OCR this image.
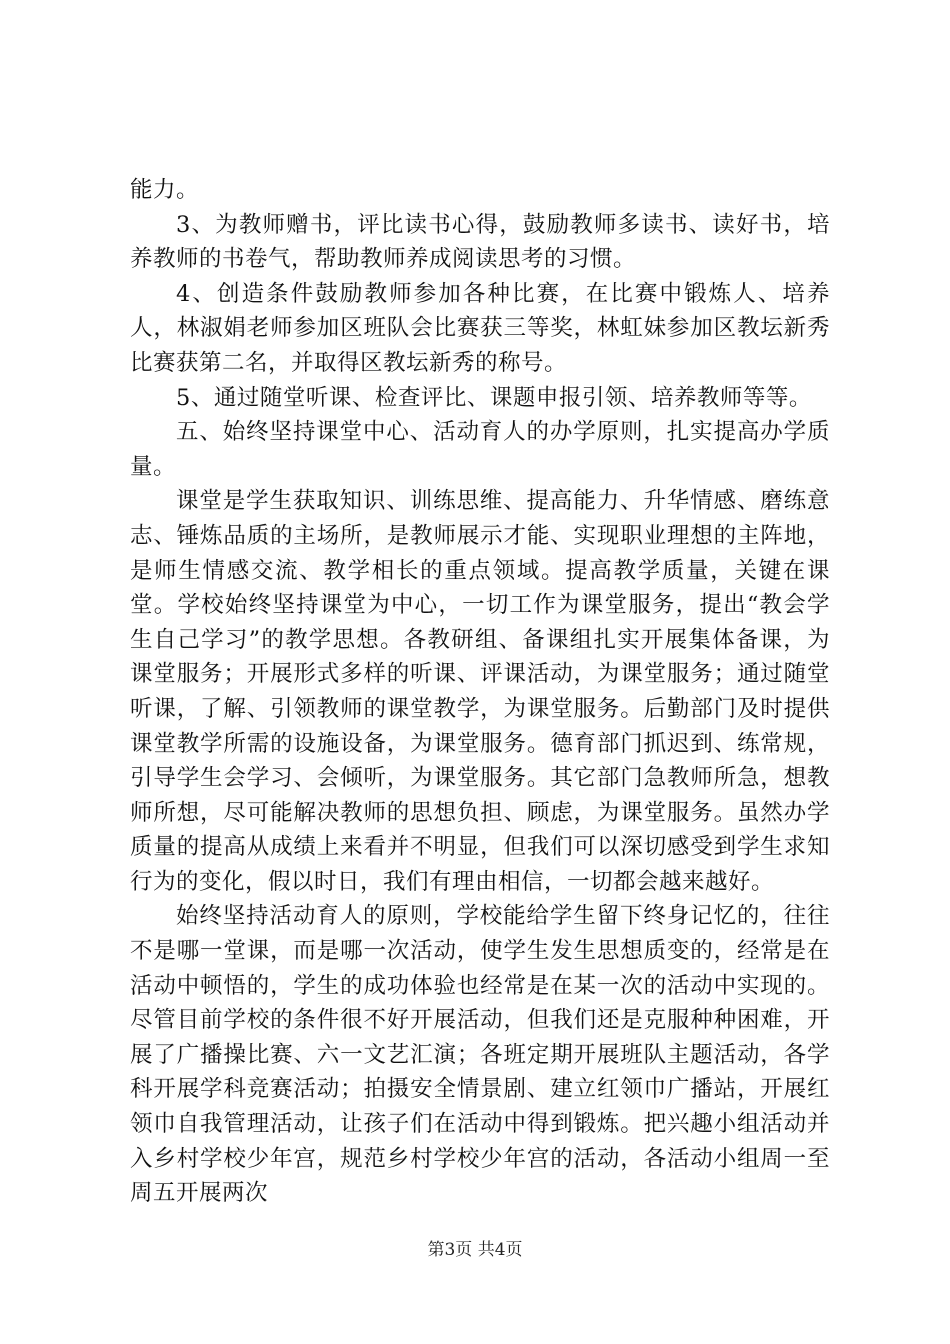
能力。

3、为教师赠书，评比读书心得，鼓励教师多读书、读好书，培养教师的书卷气，帮助教师养成阅读思考的习惯。

4、创造条件鼓励教师参加各种比赛，在比赛中锻炼人、培养人，林淑娟老师参加区班队会比赛获三等奖，林虹妹参加区教坛新秀比赛获第二名，并取得区教坛新秀的称号。

5、通过随堂听课、检查评比、课题申报引领、培养教师等等。

五、始终坚持课堂中心、活动育人的办学原则，扎实提高办学质量。

课堂是学生获取知识、训练思维、提高能力、升华情感、磨练意志、锤炼品质的主场所，是教师展示才能、实现职业理想的主阵地，是师生情感交流、教学相长的重点领域。提高教学质量，关键在课堂。学校始终坚持课堂为中心，一切工作为课堂服务，提出“教会学生自己学习”的教学思想。各教研组、备课组扎实开展集体备课，为课堂服务；开展形式多样的听课、评课活动，为课堂服务；通过随堂听课，了解、引领教师的课堂教学，为课堂服务。后勤部门及时提供课堂教学所需的设施设备，为课堂服务。德育部门抓迟到、练常规，引导学生会学习、会倾听，为课堂服务。其它部门急教师所急，想教师所想，尽可能解决教师的思想负担、顾虑，为课堂服务。虽然办学质量的提高从成绩上来看并不明显，但我们可以深切感受到学生求知行为的变化，假以时日，我们有理由相信，一切都会越来越好。

始终坚持活动育人的原则，学校能给学生留下终身记忆的，往往不是哪一堂课，而是哪一次活动，使学生发生思想质变的，经常是在活动中顿悟的，学生的成功体验也经常是在某一次的活动中实现的。尽管目前学校的条件很不好开展活动，但我们还是克服种种困难，开展了广播操比赛、六一文艺汇演；各班定期开展班队主题活动，各学科开展学科竞赛活动；拍摄安全情景剧、建立红领巾广播站，开展红领巾自我管理活动，让孩子们在活动中得到锻炼。把兴趣小组活动并入乡村学校少年宫，规范乡村学校少年宫的活动，各活动小组周一至周五开展两次

第3页 共4页
